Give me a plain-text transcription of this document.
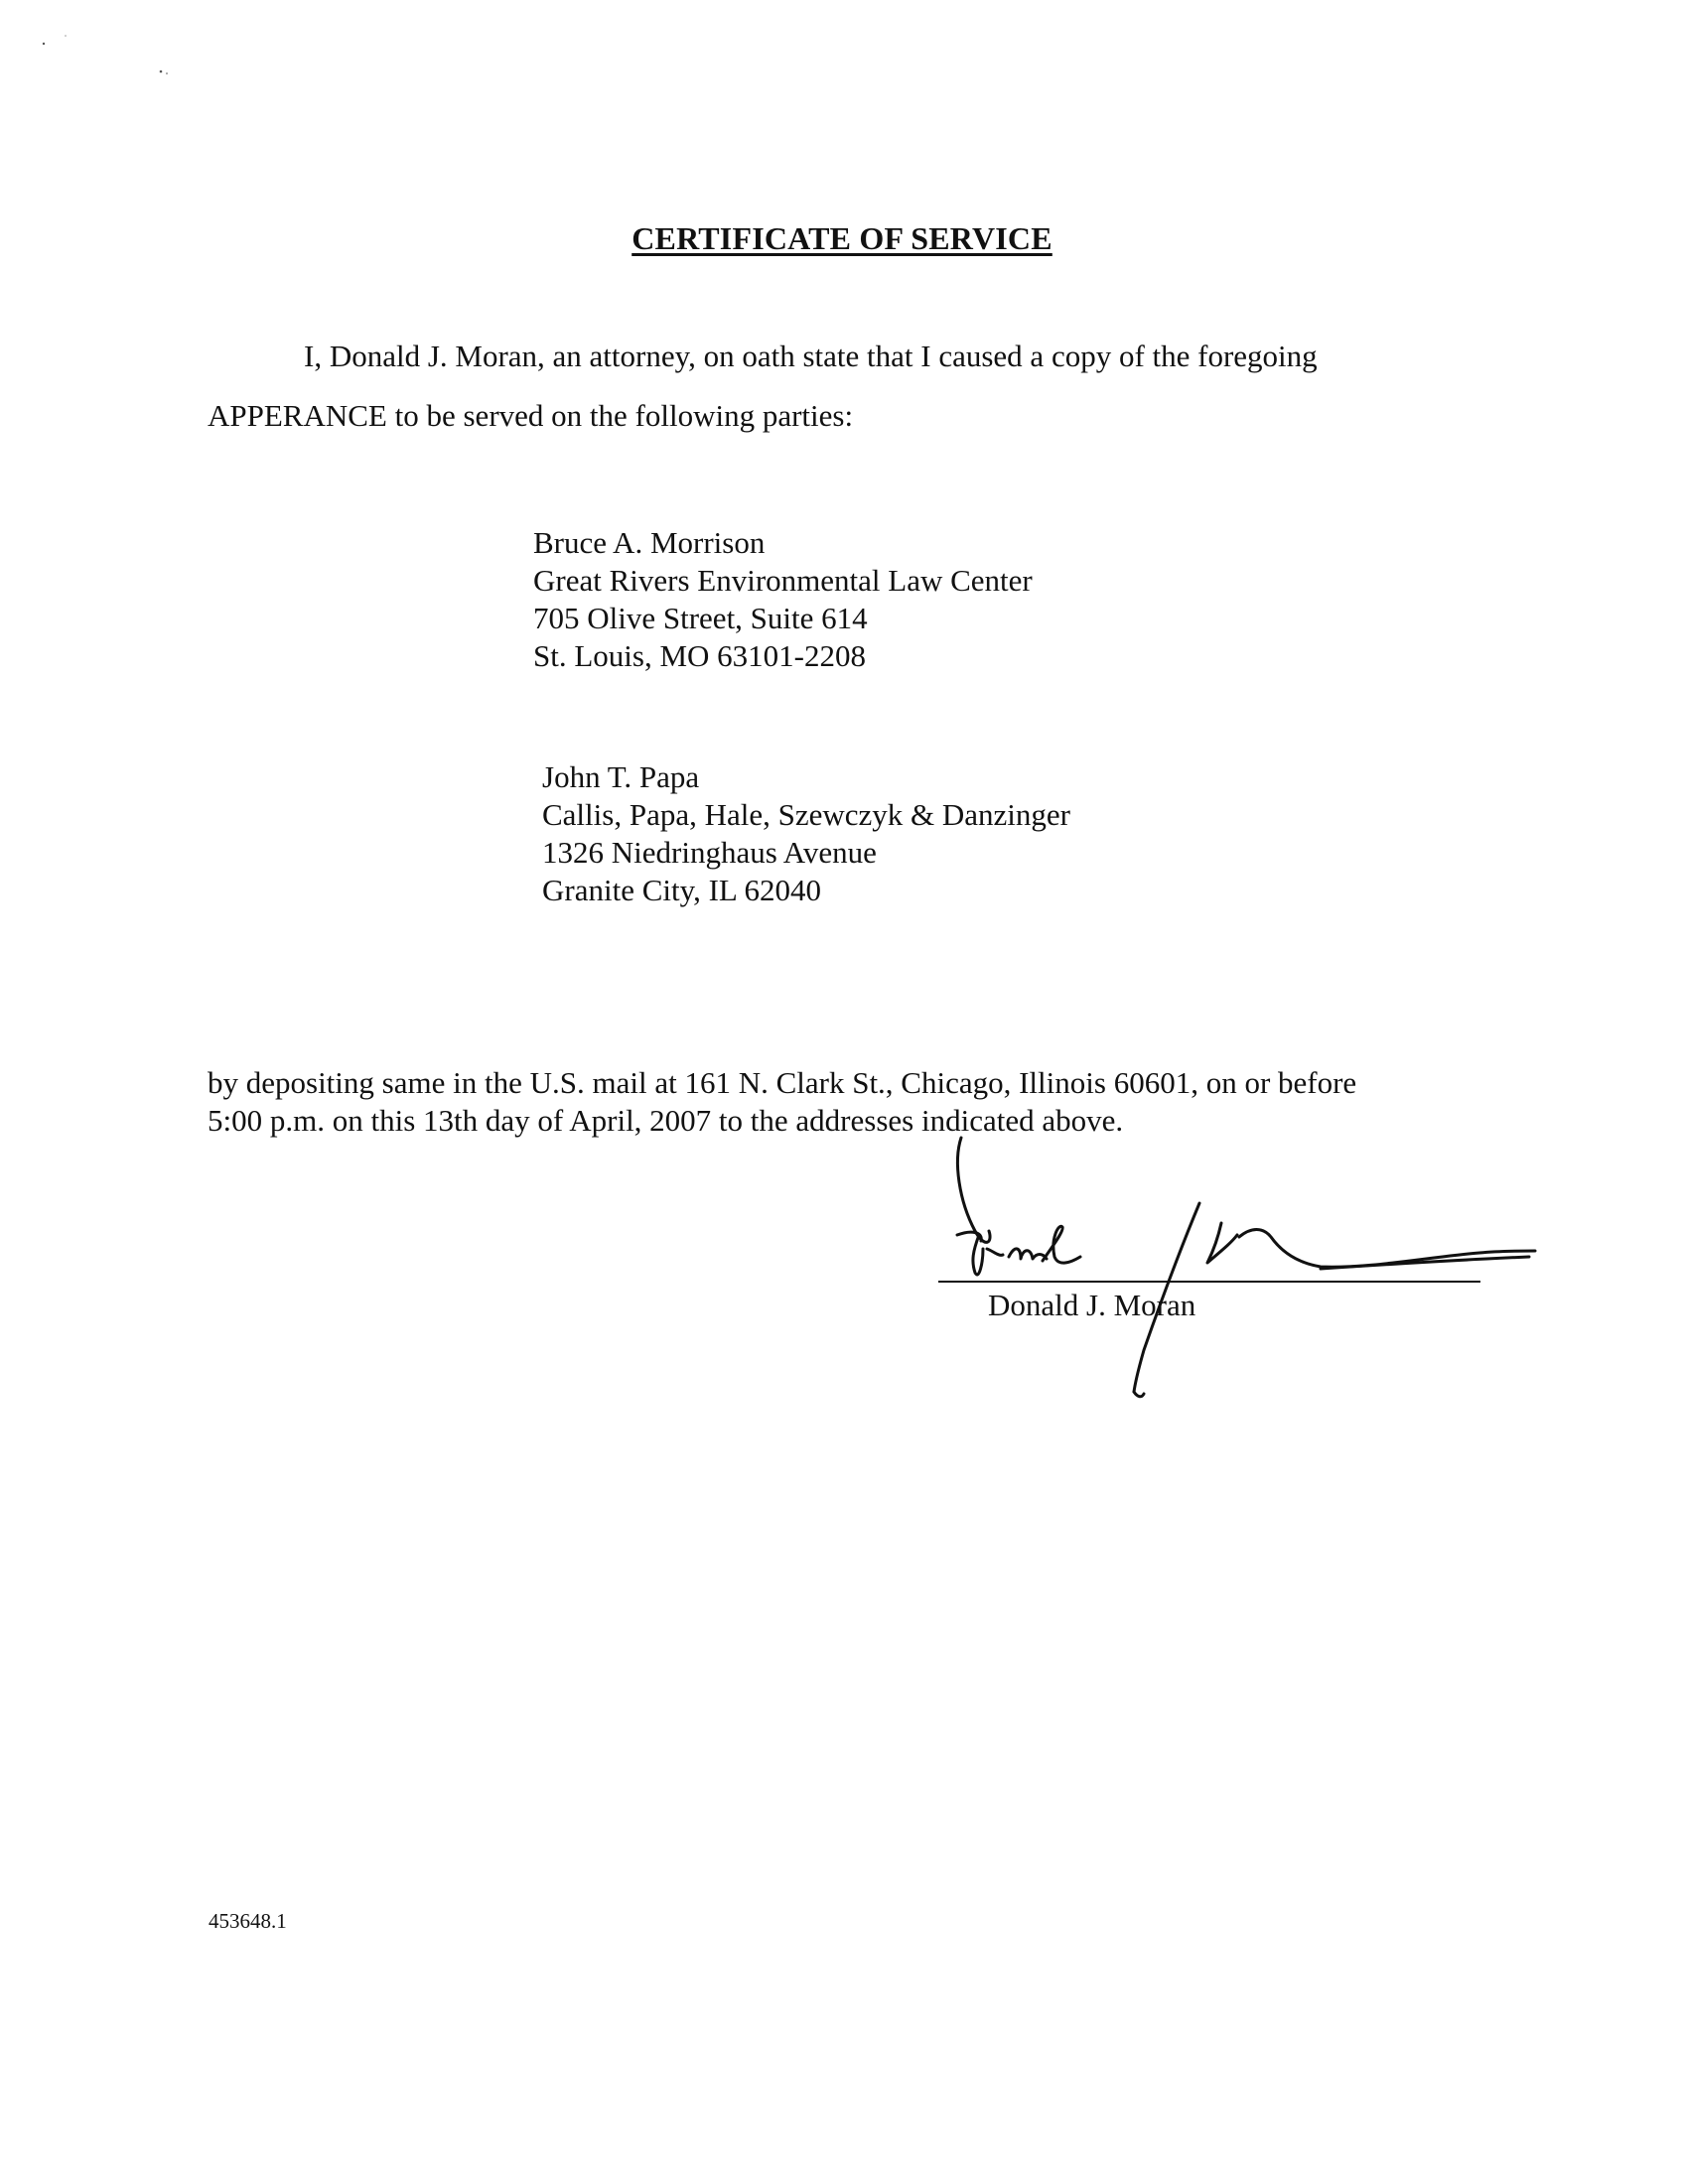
CERTIFICATE OF SERVICE
I, Donald J. Moran, an attorney, on oath state that I caused a copy of the foregoing
APPERANCE to be served on the following parties:
Bruce A. Morrison
Great Rivers Environmental Law Center
705 Olive Street, Suite 614
St. Louis, MO 63101-2208
John T. Papa
Callis, Papa, Hale, Szewczyk & Danzinger
1326 Niedringhaus Avenue
Granite City, IL 62040
by depositing same in the U.S. mail at 161 N. Clark St., Chicago, Illinois 60601, on or before
5:00 p.m. on this 13th day of April, 2007 to the addresses indicated above.
Donald J. Moran
453648.1
